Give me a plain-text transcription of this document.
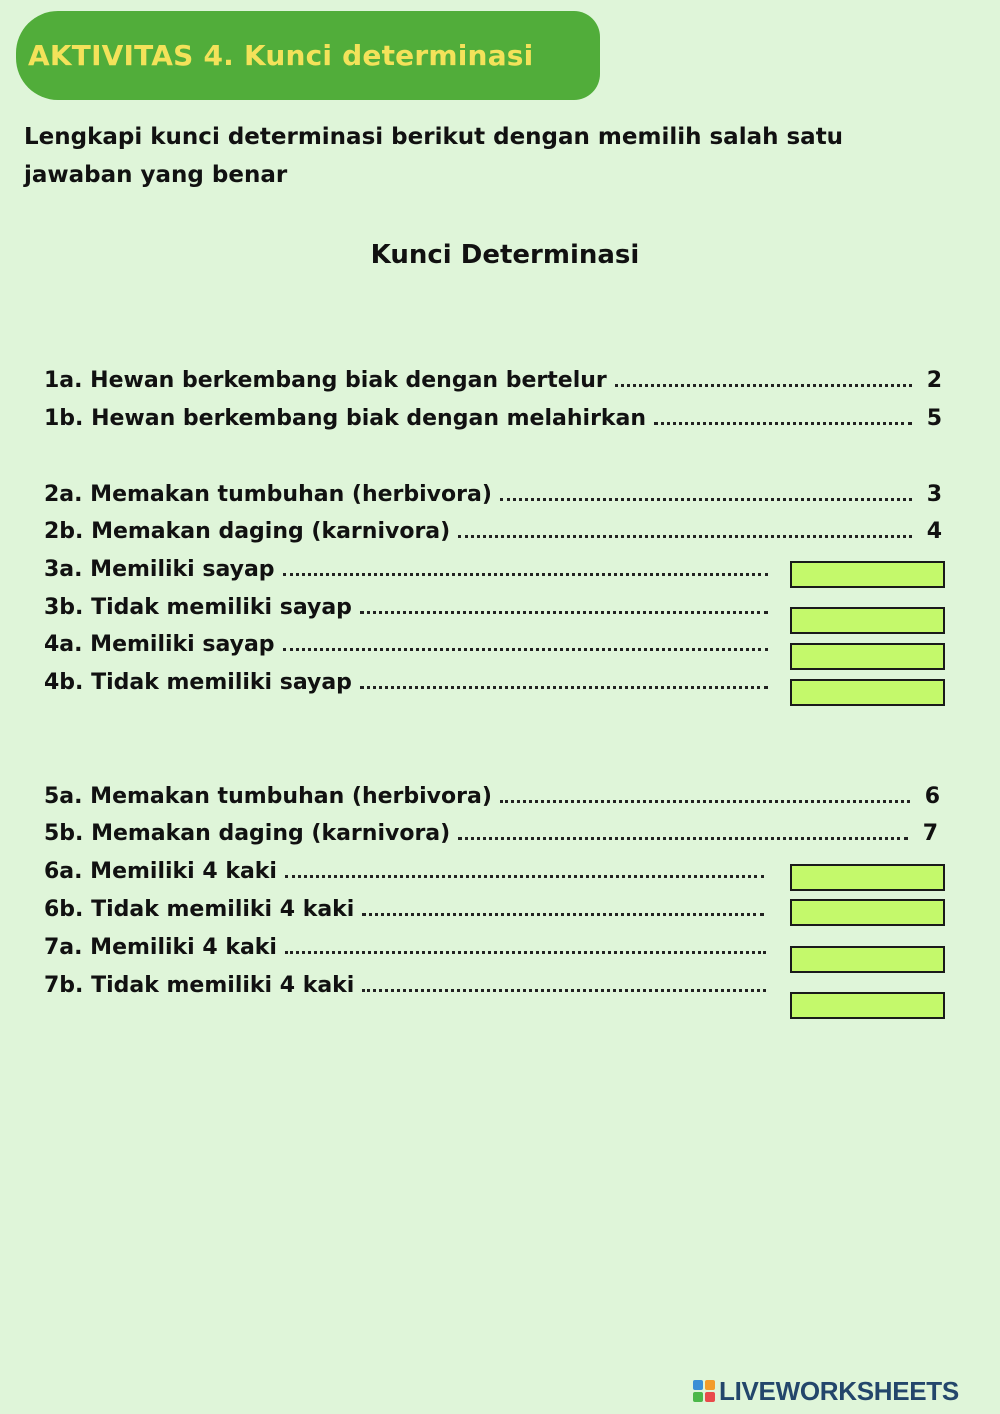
AKTIVITAS 4. Kunci determinasi
Lengkapi kunci determinasi berikut dengan memilih salah satu
jawaban yang benar
Kunci Determinasi
1a. Hewan berkembang biak dengan bertelur	2
1b. Hewan berkembang biak dengan melahirkan	5
2a. Memakan tumbuhan (herbivora)	3
2b. Memakan daging (karnivora)	4
3a. Memiliki sayap
3b. Tidak memiliki sayap
4a. Memiliki sayap
4b. Tidak memiliki sayap
5a. Memakan tumbuhan (herbivora)	6
5b. Memakan daging (karnivora)	7
6a. Memiliki 4 kaki
6b. Tidak memiliki 4 kaki
7a. Memiliki 4 kaki
7b. Tidak memiliki 4 kaki
LIVEWORKSHEETS
